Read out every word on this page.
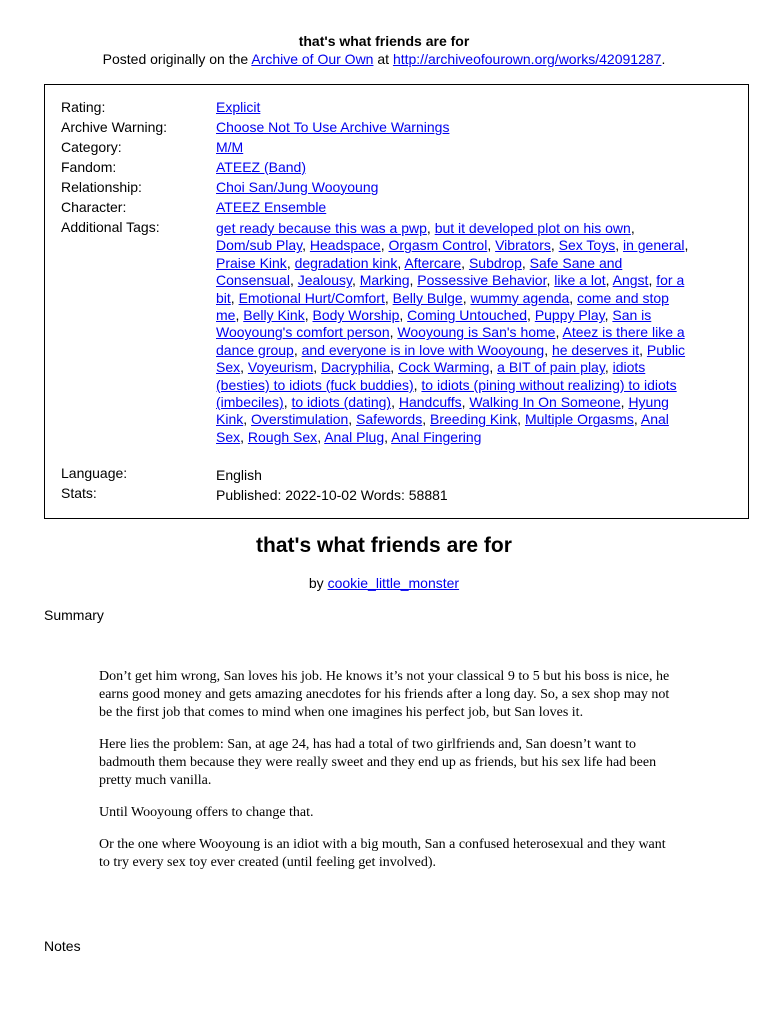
that's what friends are for
Posted originally on the Archive of Our Own at http://archiveofourown.org/works/42091287.
Rating:	Explicit
Archive Warning:	Choose Not To Use Archive Warnings
Category:	M/M
Fandom:	ATEEZ (Band)
Relationship:	Choi San/Jung Wooyoung
Character:	ATEEZ Ensemble
Additional Tags:	get ready because this was a pwp, but it developed plot on his own, Dom/sub Play, Headspace, Orgasm Control, Vibrators, Sex Toys, in general, Praise Kink, degradation kink, Aftercare, Subdrop, Safe Sane and Consensual, Jealousy, Marking, Possessive Behavior, like a lot, Angst, for a bit, Emotional Hurt/Comfort, Belly Bulge, wummy agenda, come and stop me, Belly Kink, Body Worship, Coming Untouched, Puppy Play, San is Wooyoung's comfort person, Wooyoung is San's home, Ateez is there like a dance group, and everyone is in love with Wooyoung, he deserves it, Public Sex, Voyeurism, Dacryphilia, Cock Warming, a BIT of pain play, idiots (besties) to idiots (fuck buddies), to idiots (pining without realizing) to idiots (imbeciles), to idiots (dating), Handcuffs, Walking In On Someone, Hyung Kink, Overstimulation, Safewords, Breeding Kink, Multiple Orgasms, Anal Sex, Rough Sex, Anal Plug, Anal Fingering
Language:	English
Stats:	Published: 2022-10-02 Words: 58881
that's what friends are for
by cookie_little_monster
Summary

Don’t get him wrong, San loves his job. He knows it’s not your classical 9 to 5 but his boss is nice, he earns good money and gets amazing anecdotes for his friends after a long day. So, a sex shop may not be the first job that comes to mind when one imagines his perfect job, but San loves it.

Here lies the problem: San, at age 24, has had a total of two girlfriends and, San doesn’t want to badmouth them because they were really sweet and they end up as friends, but his sex life had been pretty much vanilla.

Until Wooyoung offers to change that.

Or the one where Wooyoung is an idiot with a big mouth, San a confused heterosexual and they want to try every sex toy ever created (until feeling get involved).

Notes
